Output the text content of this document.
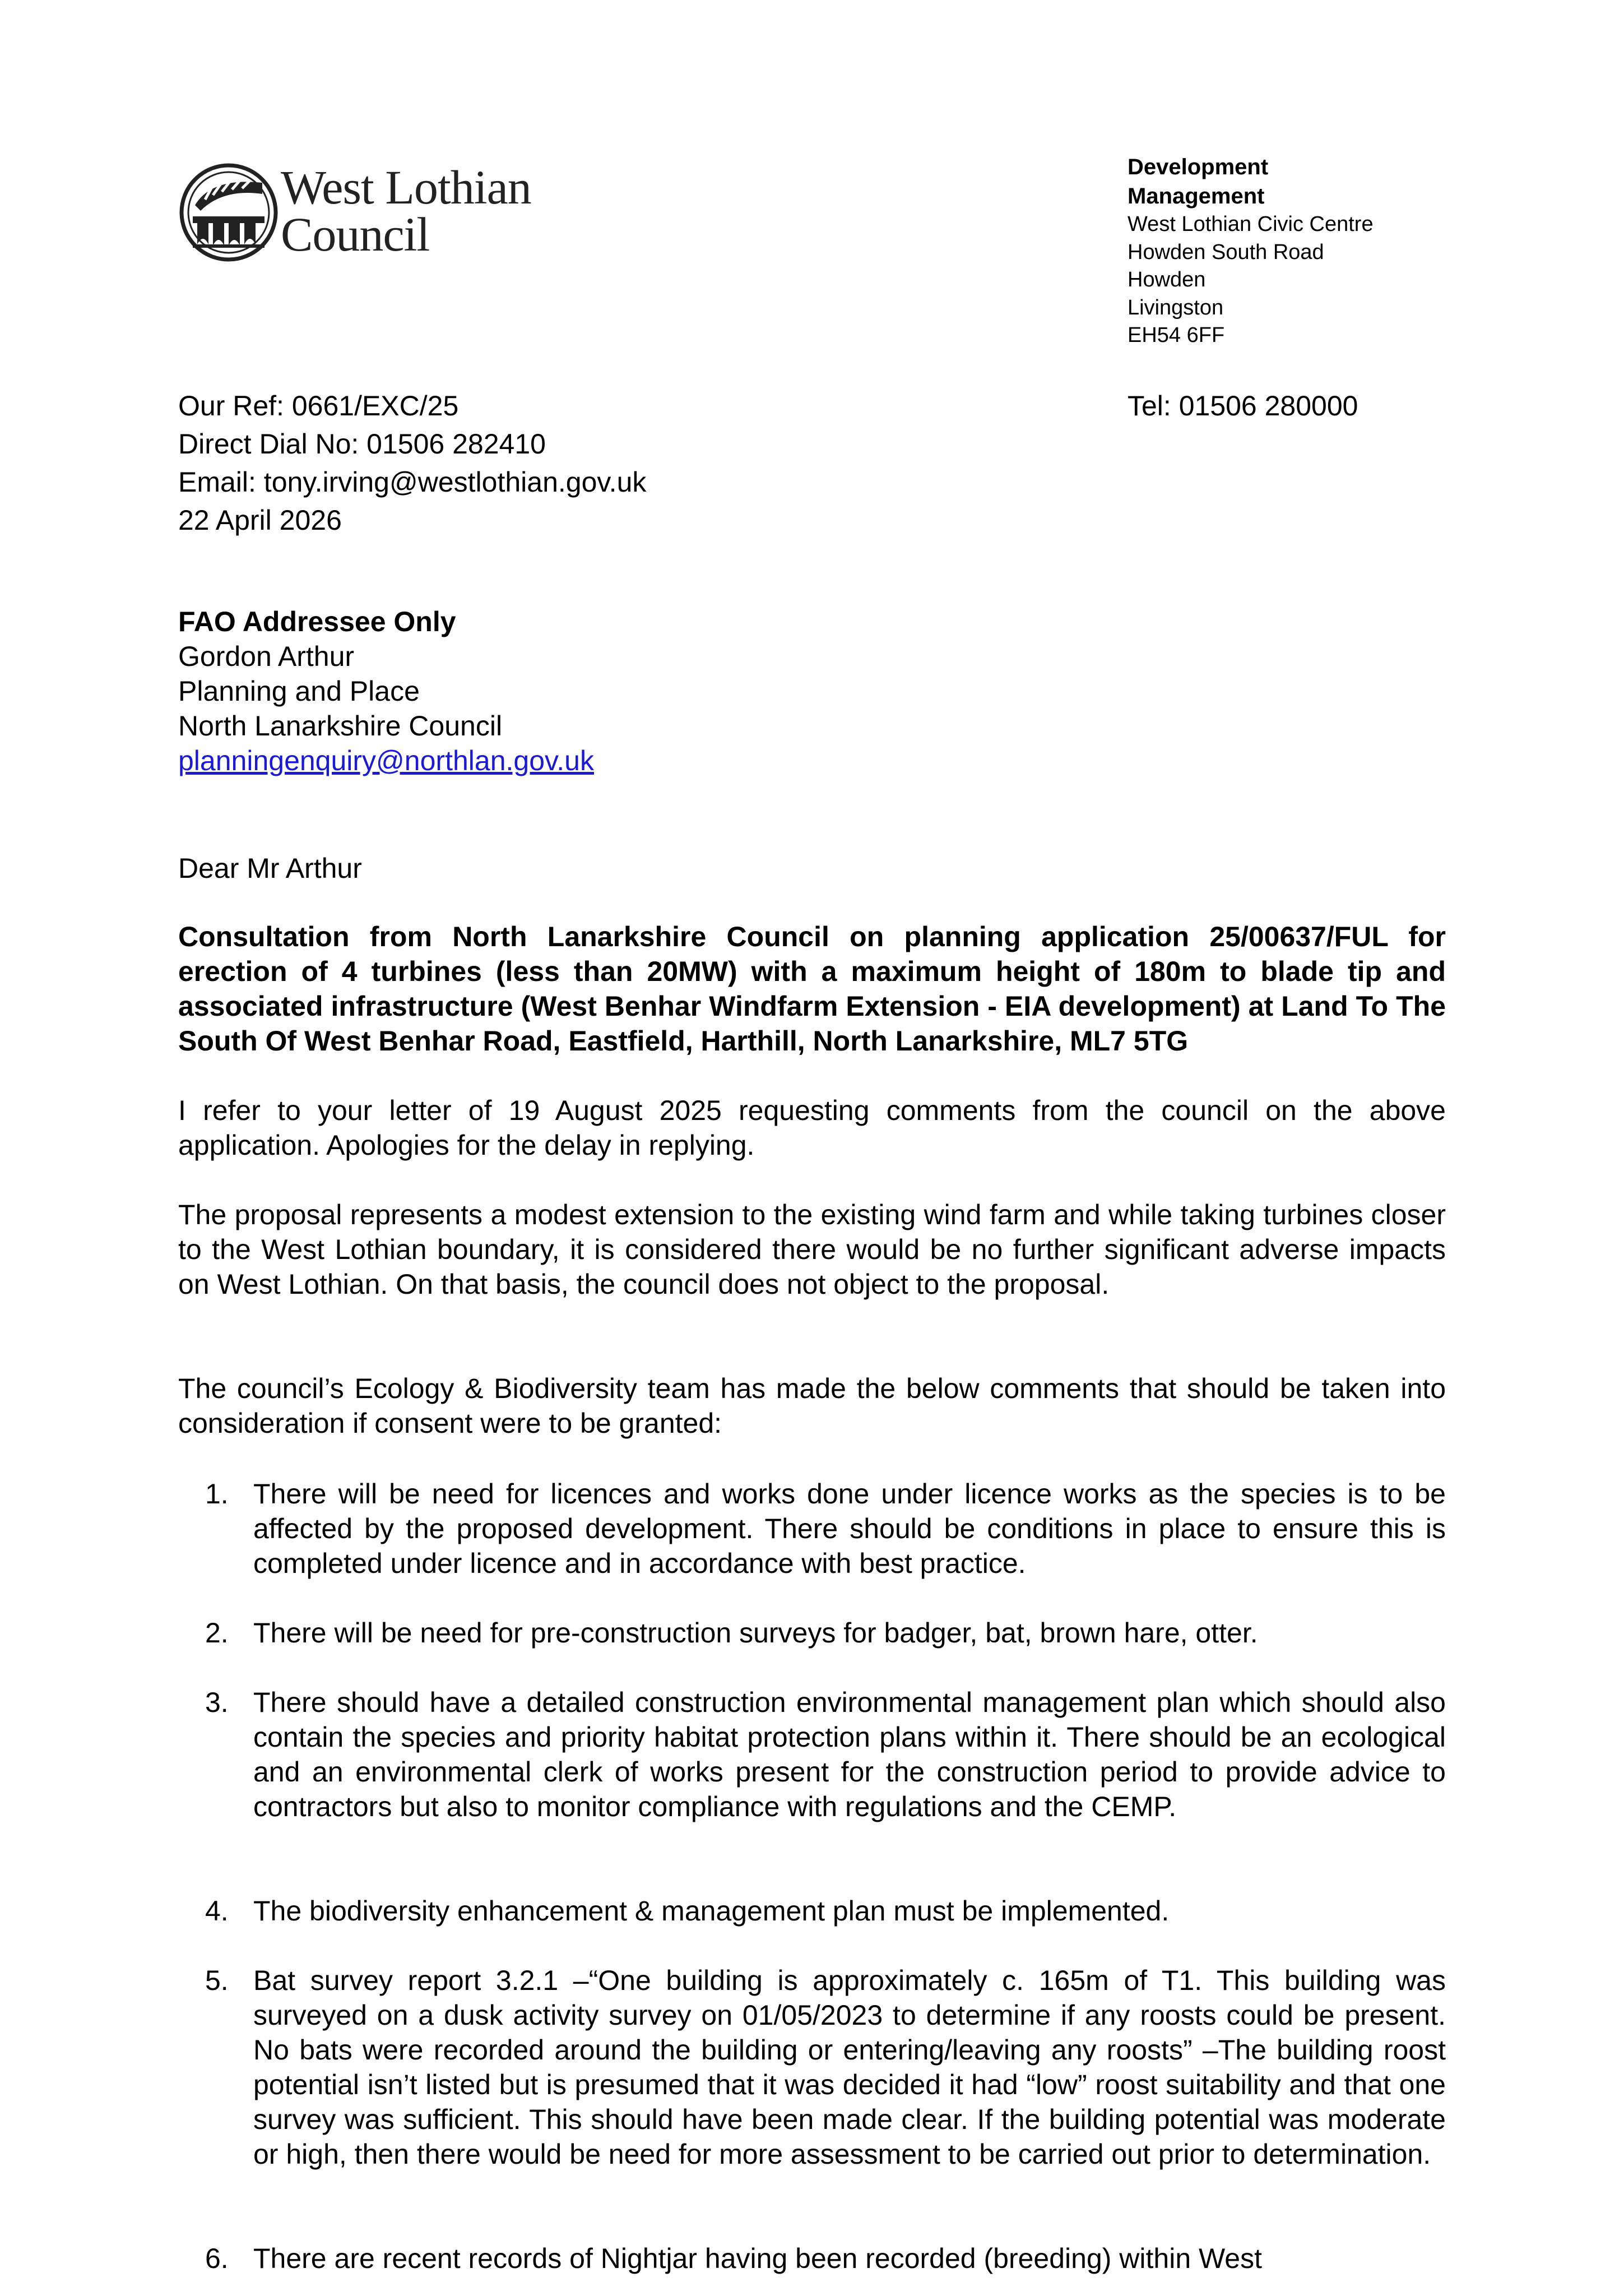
West Lothian
Council
Development
Management
West Lothian Civic Centre
Howden South Road
Howden
Livingston
EH54 6FF
Tel: 01506 280000
Our Ref: 0661/EXC/25
Direct Dial No: 01506 282410
Email: tony.irving@westlothian.gov.uk
22 April 2026
FAO Addressee Only
Gordon Arthur
Planning and Place
North Lanarkshire Council
planningenquiry@northlan.gov.uk
Dear Mr Arthur
Consultation from North Lanarkshire Council on planning application 25/00637/FUL for erection of 4 turbines (less than 20MW) with a maximum height of 180m to blade tip and associated infrastructure (West Benhar Windfarm Extension - EIA development) at Land To The South Of West Benhar Road, Eastfield, Harthill, North Lanarkshire, ML7 5TG
I refer to your letter of 19 August 2025 requesting comments from the council on the above application. Apologies for the delay in replying.
The proposal represents a modest extension to the existing wind farm and while taking turbines closer to the West Lothian boundary, it is considered there would be no further significant adverse impacts on West Lothian. On that basis, the council does not object to the proposal.
The council’s Ecology & Biodiversity team has made the below comments that should be taken into consideration if consent were to be granted:
1. There will be need for licences and works done under licence works as the species is to be affected by the proposed development. There should be conditions in place to ensure this is completed under licence and in accordance with best practice.
2. There will be need for pre-construction surveys for badger, bat, brown hare, otter.
3. There should have a detailed construction environmental management plan which should also contain the species and priority habitat protection plans within it. There should be an ecological and an environmental clerk of works present for the construction period to provide advice to contractors but also to monitor compliance with regulations and the CEMP.
4. The biodiversity enhancement & management plan must be implemented.
5. Bat survey report 3.2.1 –“One building is approximately c. 165m of T1. This building was surveyed on a dusk activity survey on 01/05/2023 to determine if any roosts could be present. No bats were recorded around the building or entering/leaving any roosts” –The building roost potential isn’t listed but is presumed that it was decided it had “low” roost suitability and that one survey was sufficient. This should have been made clear. If the building potential was moderate or high, then there would be need for more assessment to be carried out prior to determination.
6. There are recent records of Nightjar having been recorded (breeding) within West
